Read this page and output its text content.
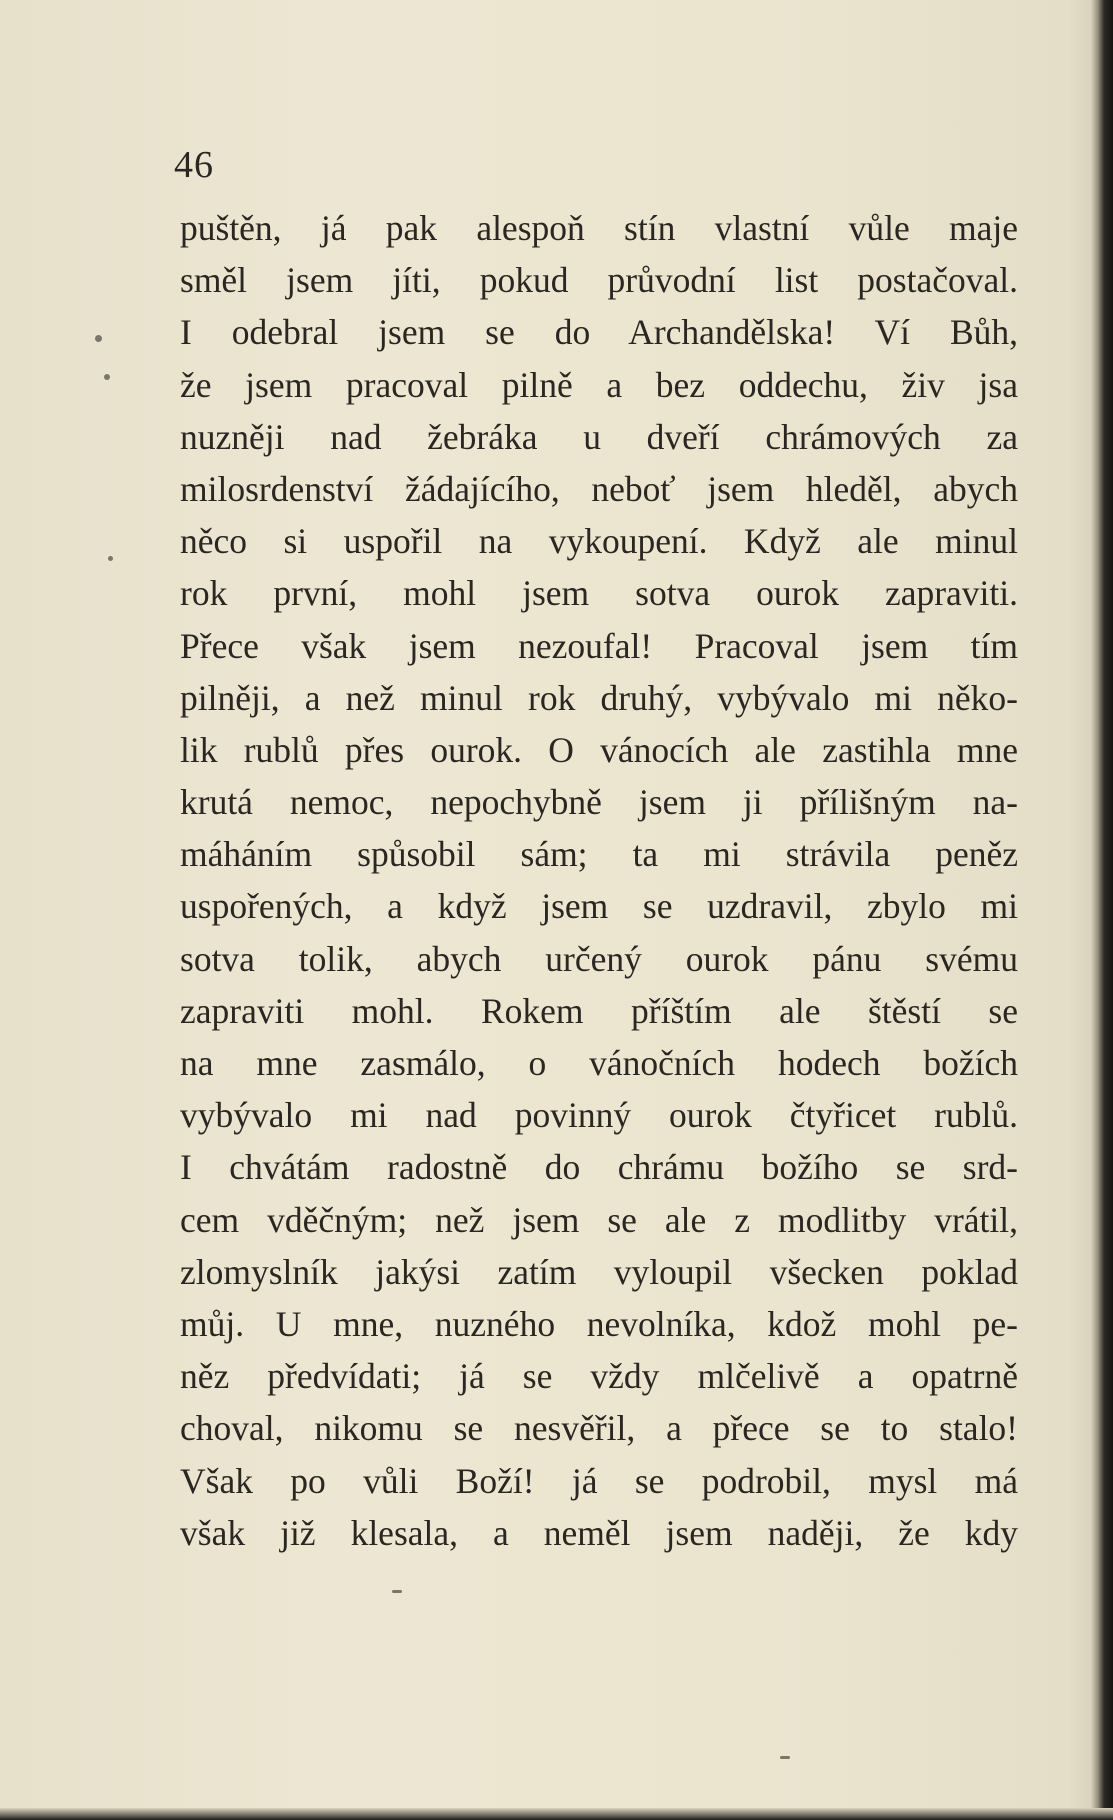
46
puštěn, já pak alespoň stín vlastní vůle maje
směl jsem jíti, pokud průvodní list postačoval.
I odebral jsem se do Archandělska! Ví Bůh,
že jsem pracoval pilně a bez oddechu, živ jsa
nuzněji nad žebráka u dveří chrámových za
milosrdenství žádajícího, neboť jsem hleděl, abych
něco si uspořil na vykoupení. Když ale minul
rok první, mohl jsem sotva ourok zapraviti.
Přece však jsem nezoufal! Pracoval jsem tím
pilněji, a než minul rok druhý, vybývalo mi něko-
lik rublů přes ourok. O vánocích ale zastihla mne
krutá nemoc, nepochybně jsem ji přílišným na-
máháním spůsobil sám; ta mi strávila peněz
uspořených, a když jsem se uzdravil, zbylo mi
sotva tolik, abych určený ourok pánu svému
zapraviti mohl. Rokem příštím ale štěstí se
na mne zasmálo, o vánočních hodech božích
vybývalo mi nad povinný ourok čtyřicet rublů.
I chvátám radostně do chrámu božího se srd-
cem vděčným; než jsem se ale z modlitby vrátil,
zlomyslník jakýsi zatím vyloupil všecken poklad
můj. U mne, nuzného nevolníka, kdož mohl pe-
něz předvídati; já se vždy mlčelivě a opatrně
choval, nikomu se nesvěřil, a přece se to stalo!
Však po vůli Boží! já se podrobil, mysl má
však již klesala, a neměl jsem naději, že kdy
